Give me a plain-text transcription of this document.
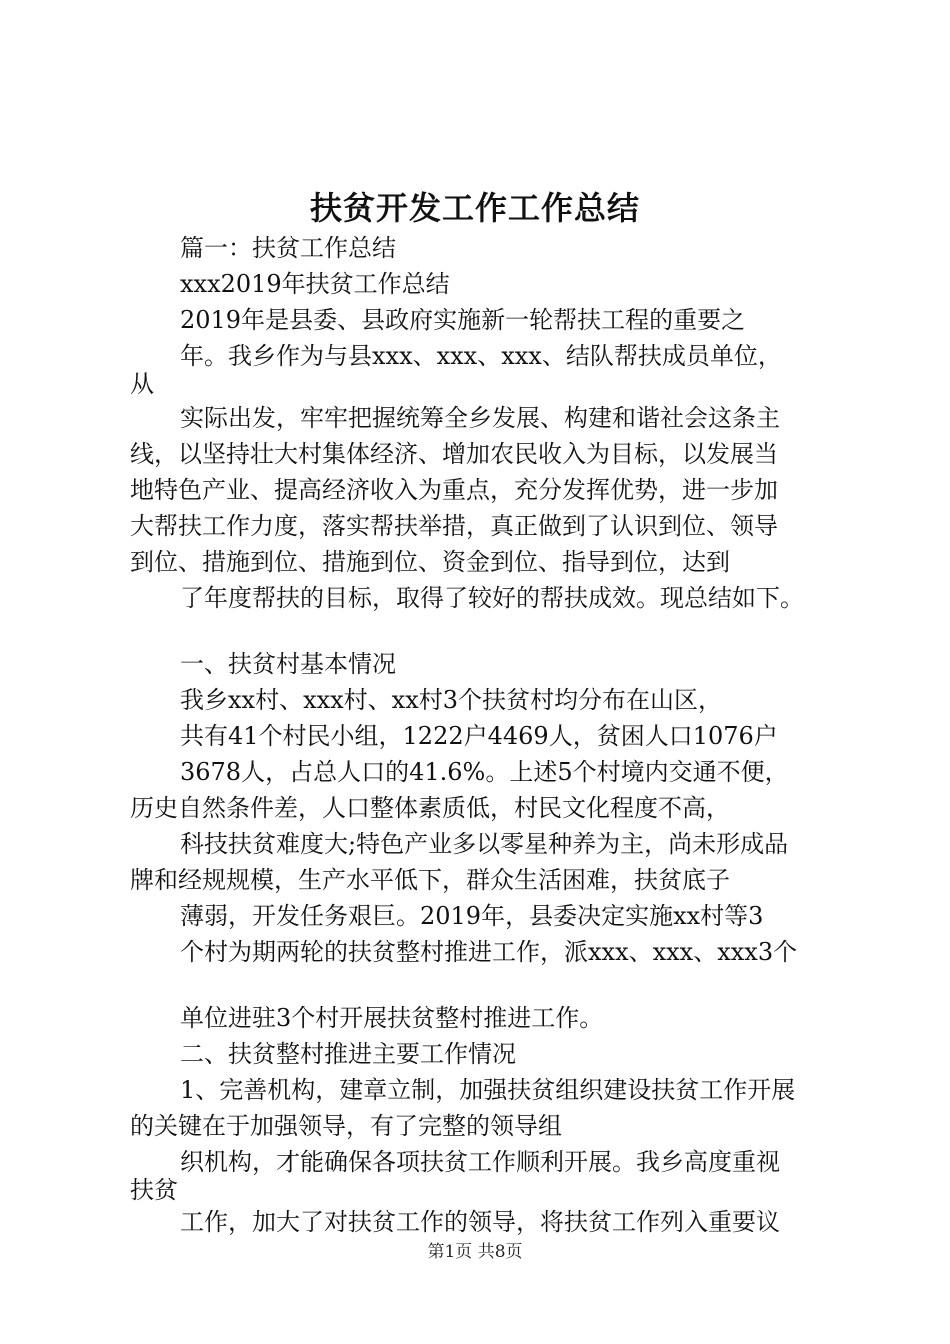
扶贫开发工作工作总结

篇一：扶贫工作总结

xxx2019年扶贫工作总结

2019年是县委、县政府实施新一轮帮扶工程的重要之

年。我乡作为与县xxx、xxx、xxx、结队帮扶成员单位，

从

实际出发，牢牢把握统筹全乡发展、构建和谐社会这条主

线，以坚持壮大村集体经济、增加农民收入为目标，以发展当

地特色产业、提高经济收入为重点，充分发挥优势，进一步加

大帮扶工作力度，落实帮扶举措，真正做到了认识到位、领导

到位、措施到位、措施到位、资金到位、指导到位，达到

了年度帮扶的目标，取得了较好的帮扶成效。现总结如下。

一、扶贫村基本情况

我乡xx村、xxx村、xx村3个扶贫村均分布在山区，

共有41个村民小组，1222户4469人，贫困人口1076户

3678人，占总人口的41.6%。上述5个村境内交通不便，

历史自然条件差，人口整体素质低，村民文化程度不高，

科技扶贫难度大;特色产业多以零星种养为主，尚未形成品

牌和经规规模，生产水平低下，群众生活困难，扶贫底子

薄弱，开发任务艰巨。2019年，县委决定实施xx村等3

个村为期两轮的扶贫整村推进工作，派xxx、xxx、xxx3个

单位进驻3个村开展扶贫整村推进工作。

二、扶贫整村推进主要工作情况

1、完善机构，建章立制，加强扶贫组织建设扶贫工作开展

的关键在于加强领导，有了完整的领导组

织机构，才能确保各项扶贫工作顺利开展。我乡高度重视

扶贫

工作，加大了对扶贫工作的领导，将扶贫工作列入重要议

第1页 共8页
